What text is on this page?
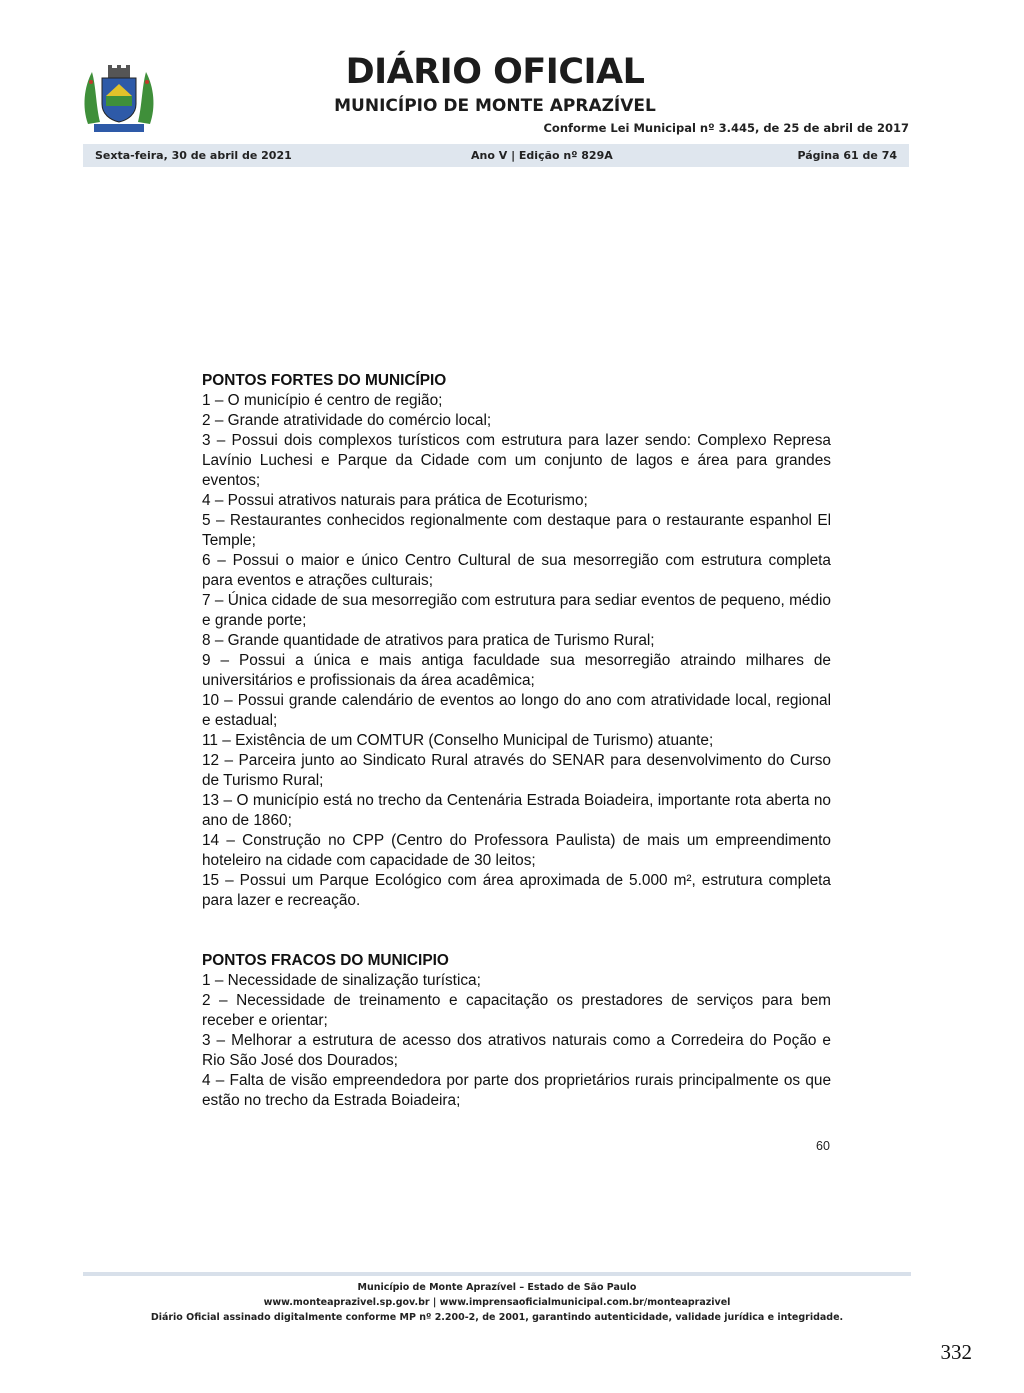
DIÁRIO OFICIAL
MUNICÍPIO DE MONTE APRAZÍVEL
Conforme Lei Municipal nº 3.445, de 25 de abril de 2017
Sexta-feira, 30 de abril de 2021	Ano V | Edição nº 829A	Página 61 de 74

PONTOS FORTES DO MUNICÍPIO

1 – O município é centro de região;
2 – Grande atratividade do comércio local;
3 – Possui dois complexos turísticos com estrutura para lazer sendo: Complexo Represa Lavínio Luchesi e Parque da Cidade com um conjunto de lagos e área para grandes eventos;
4 – Possui atrativos naturais para prática de Ecoturismo;
5 – Restaurantes conhecidos regionalmente com destaque para o restaurante espanhol El Temple;
6 – Possui o maior e único Centro Cultural de sua mesorregião com estrutura completa para eventos e atrações culturais;
7 – Única cidade de sua mesorregião com estrutura para sediar eventos de pequeno, médio e grande porte;
8 – Grande quantidade de atrativos para pratica de Turismo Rural;
9 – Possui a única e mais antiga faculdade sua mesorregião atraindo milhares de universitários e profissionais da área acadêmica;
10 – Possui grande calendário de eventos ao longo do ano com atratividade local, regional e estadual;
11 – Existência de um COMTUR (Conselho Municipal de Turismo) atuante;
12 – Parceira junto ao Sindicato Rural através do SENAR para desenvolvimento do Curso de Turismo Rural;
13 – O município está no trecho da Centenária Estrada Boiadeira, importante rota aberta no ano de 1860;
14 – Construção no CPP (Centro do Professora Paulista) de mais um empreendimento hoteleiro na cidade com capacidade de 30 leitos;
15 – Possui um Parque Ecológico com área aproximada de 5.000 m², estrutura completa para lazer e recreação.

PONTOS FRACOS DO MUNICIPIO

1 – Necessidade de sinalização turística;
2 – Necessidade de treinamento e capacitação os prestadores de serviços para bem receber e orientar;
3 – Melhorar a estrutura de acesso dos atrativos naturais como a Corredeira do Poção e Rio São José dos Dourados;
4 – Falta de visão empreendedora por parte dos proprietários rurais principalmente os que estão no trecho da Estrada Boiadeira;
60
Município de Monte Aprazível – Estado de São Paulo
www.monteaprazivel.sp.gov.br | www.imprensaoficialmunicipal.com.br/monteaprazivel
Diário Oficial assinado digitalmente conforme MP nº 2.200-2, de 2001, garantindo autenticidade, validade jurídica e integridade.
332
